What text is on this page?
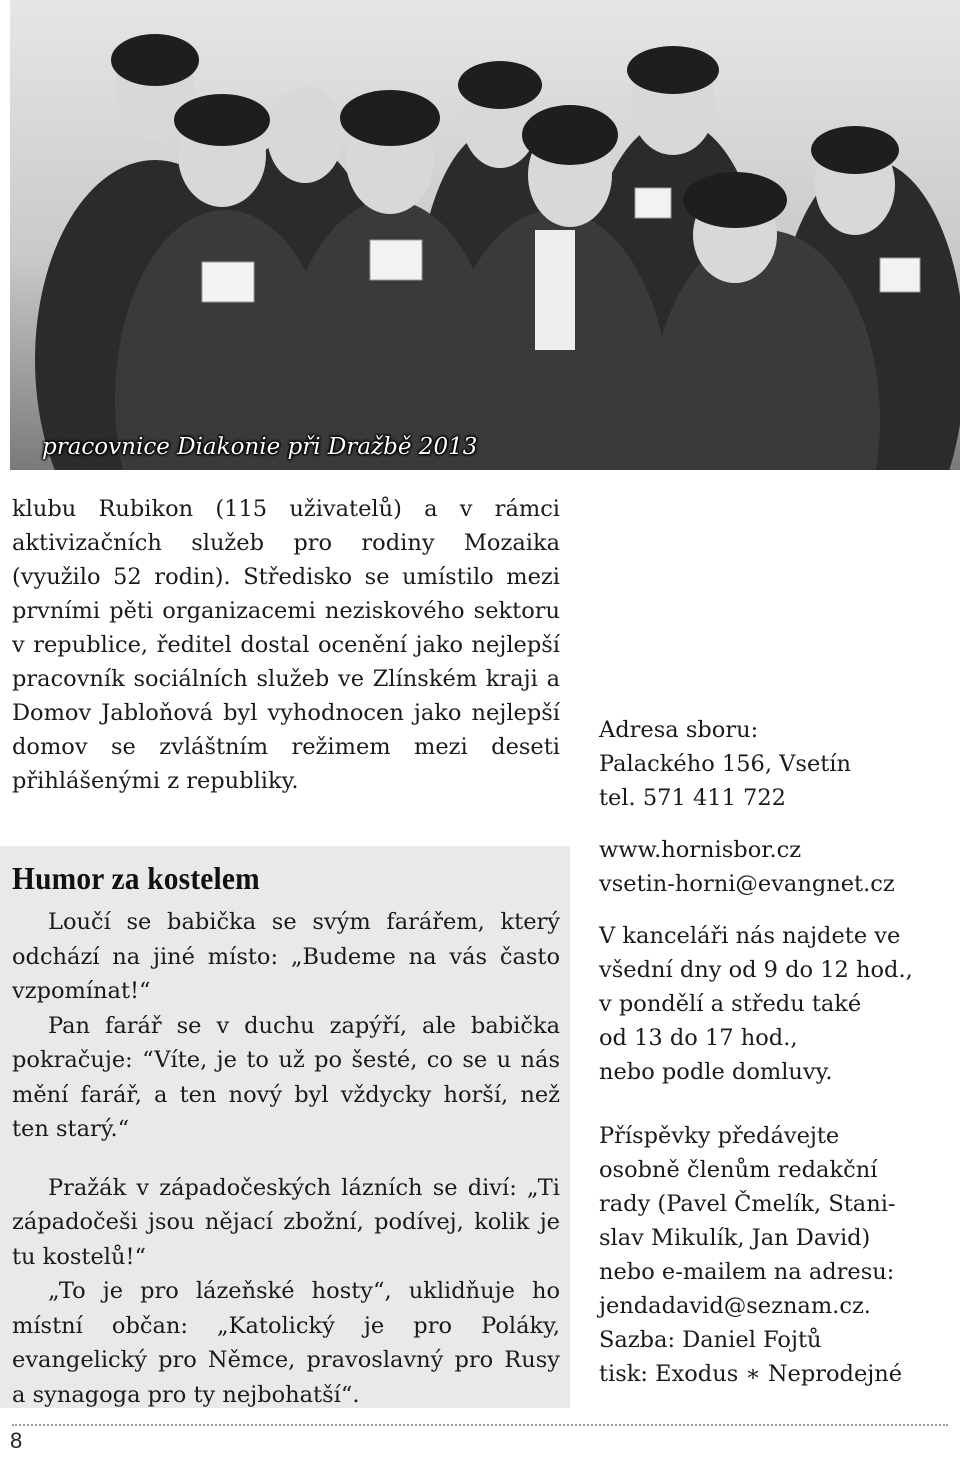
pracovnice Diakonie při Dražbě 2013

klubu Rubikon (115 uživatelů) a v rámci aktivizačních služeb pro rodiny Mozaika (využilo 52 rodin). Středisko se umístilo mezi prvními pěti organizacemi neziskového sektoru v republice, ředitel dostal ocenění jako nejlepší pracovník sociálních služeb ve Zlínském kraji a Domov Jabloňová byl vyhodnocen jako nejlepší domov se zvláštním režimem mezi deseti přihlášenými z republiky.

Humor za kostelem

Loučí se babička se svým farářem, který odchází na jiné místo: „Budeme na vás často vzpomínat!“

Pan farář se v duchu zapýří, ale babička pokračuje: “Víte, je to už po šesté, co se u nás mění farář, a ten nový byl vždycky horší, než ten starý.“

Pražák v západočeských lázních se diví: „Ti západočeši jsou nějací zbožní, podívej, kolik je tu kostelů!“

„To je pro lázeňské hosty“, uklidňuje ho místní občan: „Katolický je pro Poláky, evangelický pro Němce, pravoslavný pro Rusy a synagoga pro ty nejbohatší“.

Adresa sboru:

Palackého 156, Vsetín

tel. 571 411 722

www.hornisbor.cz

vsetin-horni@evangnet.cz

V kanceláři nás najdete ve

všední dny od 9 do 12 hod.,

v pondělí a středu také

od 13 do 17 hod.,

nebo podle domluvy.

Příspěvky předávejte

osobně členům redakční

rady (Pavel Čmelík, Stani-

slav Mikulík, Jan David)

nebo e-mailem na adresu:

jendadavid@seznam.cz.

Sazba: Daniel Fojtů

tisk: Exodus ∗ Neprodejné

8
